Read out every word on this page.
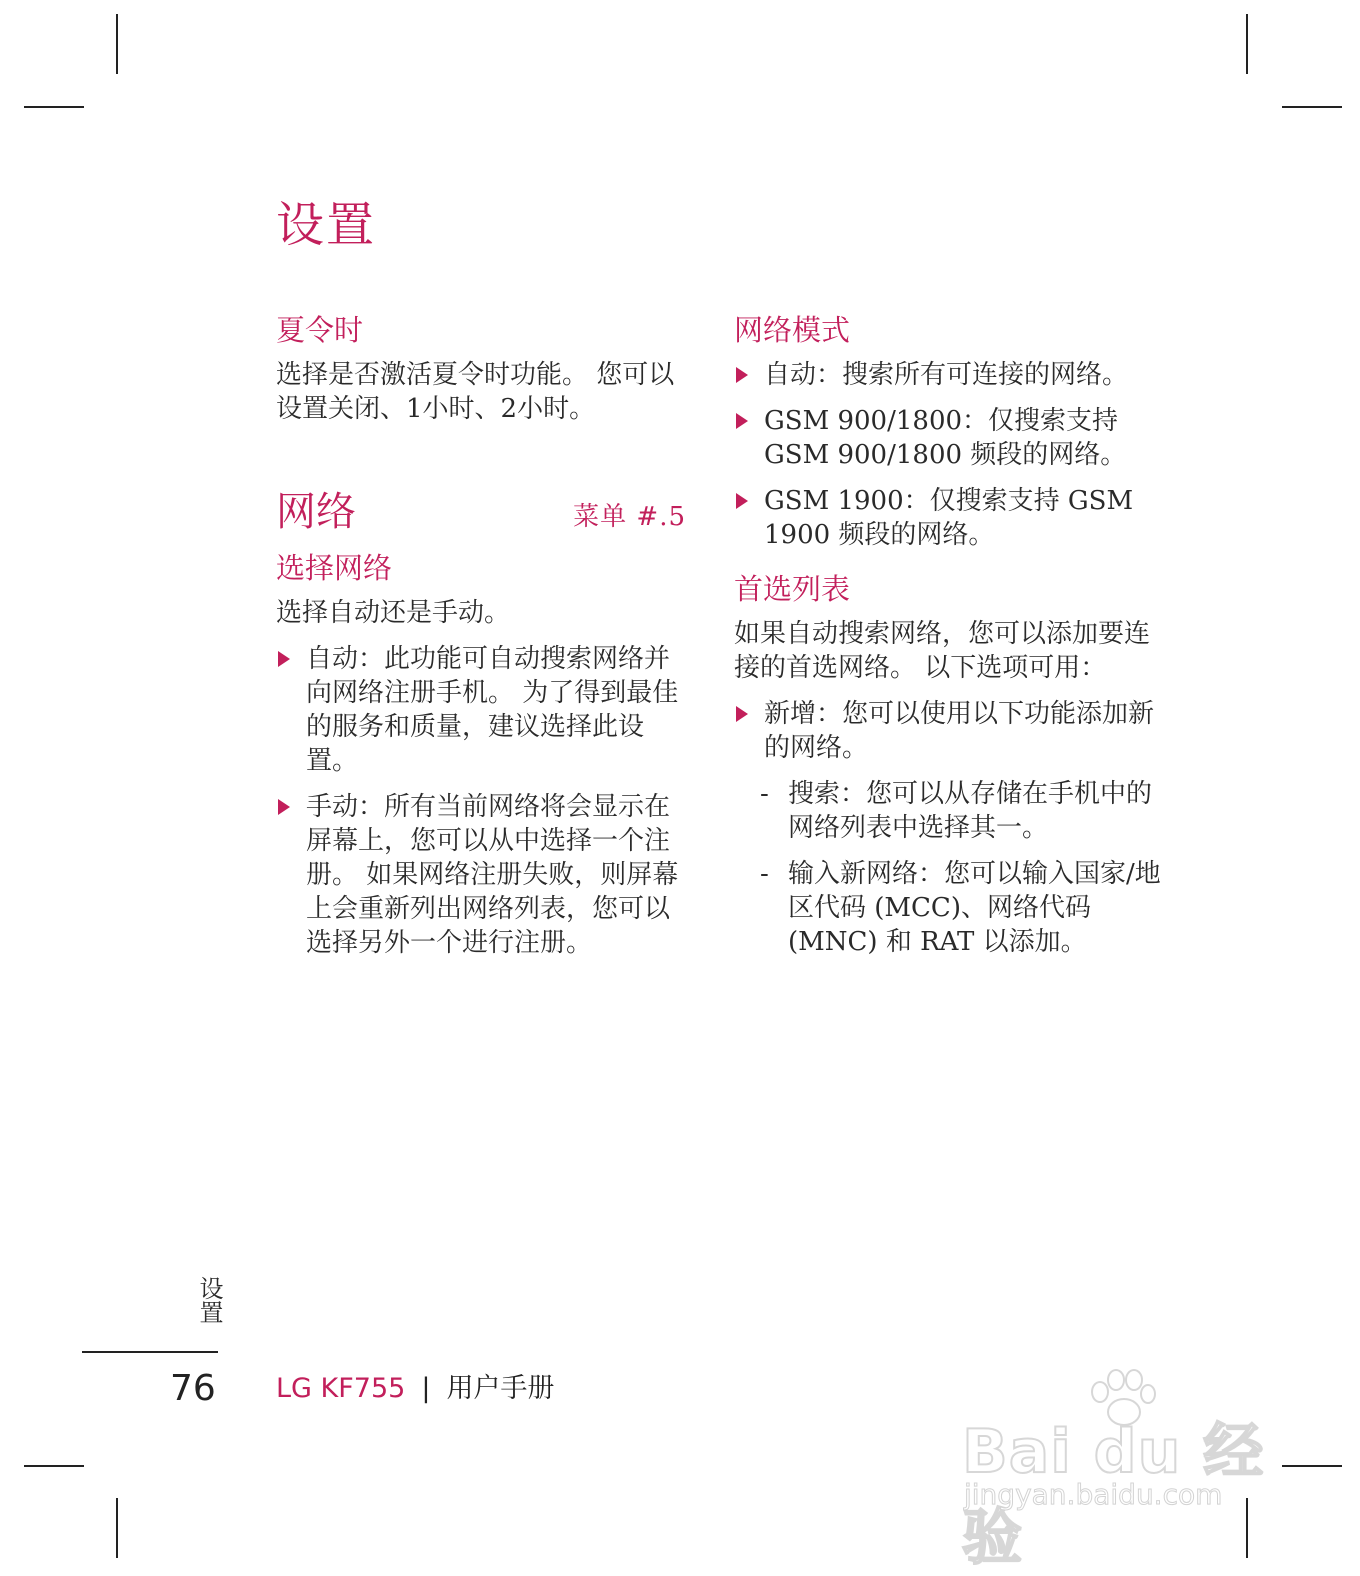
设置
夏令时

选择是否激活夏令时功能。 您可以设置关闭、1小时、2小时。

网络	菜单 #.5
选择网络

选择自动还是手动。

自动：此功能可自动搜索网络并向网络注册手机。 为了得到最佳的服务和质量，建议选择此设置。
手动：所有当前网络将会显示在屏幕上，您可以从中选择一个注册。 如果网络注册失败，则屏幕上会重新列出网络列表，您可以选择另外一个进行注册。
网络模式
自动：搜索所有可连接的网络。
GSM 900/1800：仅搜索支持 GSM 900/1800 频段的网络。
GSM 1900：仅搜索支持 GSM 1900 频段的网络。
首选列表

如果自动搜索网络，您可以添加要连接的首选网络。 以下选项可用：

新增：您可以使用以下功能添加新的网络。
- 搜索：您可以从存储在手机中的网络列表中选择其一。
- 输入新网络：您可以输入国家/地区代码 (MCC)、网络代码 (MNC) 和 RAT 以添加。
设置
76 LG KF755 | 用户手册
Bai du 经验
jingyan.baidu.com
